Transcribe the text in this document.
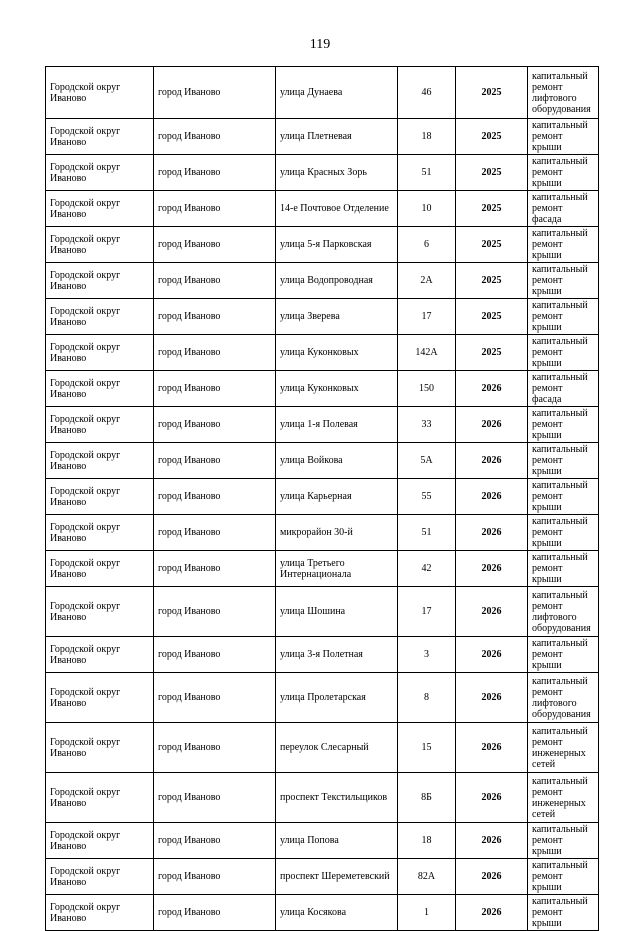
119
Городской округ Иваново	город Иваново	улица Дунаева	46	2025	капитальный ремонт лифтового оборудования
Городской округ Иваново	город Иваново	улица Плетневая	18	2025	капитальный ремонт крыши
Городской округ Иваново	город Иваново	улица Красных Зорь	51	2025	капитальный ремонт крыши
Городской округ Иваново	город Иваново	14-е Почтовое Отделение	10	2025	капитальный ремонт фасада
Городской округ Иваново	город Иваново	улица 5-я Парковская	6	2025	капитальный ремонт крыши
Городской округ Иваново	город Иваново	улица Водопроводная	2А	2025	капитальный ремонт крыши
Городской округ Иваново	город Иваново	улица Зверева	17	2025	капитальный ремонт крыши
Городской округ Иваново	город Иваново	улица Куконковых	142А	2025	капитальный ремонт крыши
Городской округ Иваново	город Иваново	улица Куконковых	150	2026	капитальный ремонт фасада
Городской округ Иваново	город Иваново	улица 1-я Полевая	33	2026	капитальный ремонт крыши
Городской округ Иваново	город Иваново	улица Войкова	5А	2026	капитальный ремонт крыши
Городской округ Иваново	город Иваново	улица Карьерная	55	2026	капитальный ремонт крыши
Городской округ Иваново	город Иваново	микрорайон 30-й	51	2026	капитальный ремонт крыши
Городской округ Иваново	город Иваново	улица Третьего Интернационала	42	2026	капитальный ремонт крыши
Городской округ Иваново	город Иваново	улица Шошина	17	2026	капитальный ремонт лифтового оборудования
Городской округ Иваново	город Иваново	улица 3-я Полетная	3	2026	капитальный ремонт крыши
Городской округ Иваново	город Иваново	улица Пролетарская	8	2026	капитальный ремонт лифтового оборудования
Городской округ Иваново	город Иваново	переулок Слесарный	15	2026	капитальный ремонт инженерных сетей
Городской округ Иваново	город Иваново	проспект Текстильщиков	8Б	2026	капитальный ремонт инженерных сетей
Городской округ Иваново	город Иваново	улица Попова	18	2026	капитальный ремонт крыши
Городской округ Иваново	город Иваново	проспект Шереметевский	82А	2026	капитальный ремонт крыши
Городской округ Иваново	город Иваново	улица Косякова	1	2026	капитальный ремонт крыши
